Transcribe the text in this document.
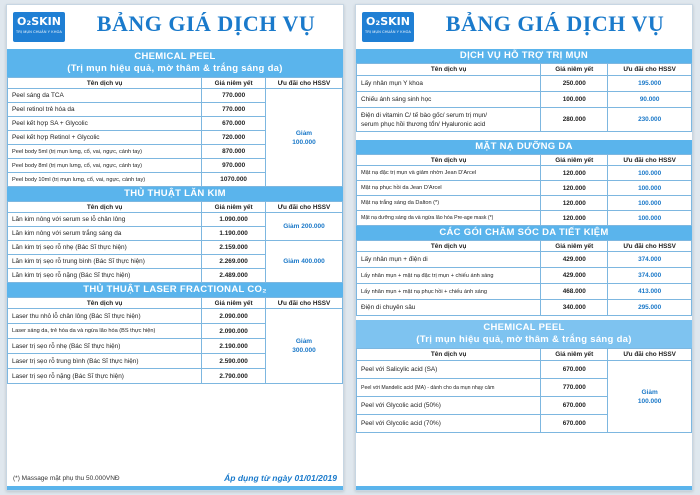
O₂SKIN
TRỊ MỤN CHUẨN Y KHOA	BẢNG GIÁ DỊCH VỤ
CHEMICAL PEEL
(Trị mụn hiệu quả, mờ thâm & trắng sáng da)
Tên dịch vụ	Giá niêm yết	Ưu đãi cho HSSV
Peel sáng da TCA	770.000	Giảm
100.000
Peel retinol trẻ hóa da	770.000	
Peel kết hợp SA + Glycolic	670.000	
Peel kết hợp Retinol + Glycolic	720.000	
Peel body 5ml (trị mụn lưng, cổ, vai, ngực, cánh tay)	870.000	
Peel body 8ml (trị mụn lưng, cổ, vai, ngực, cánh tay)	970.000	
Peel body 10ml (trị mụn lưng, cổ, vai, ngực, cánh tay)	1070.000	
THỦ THUẬT LĂN KIM
Tên dịch vụ	Giá niêm yết	Ưu đãi cho HSSV
Lăn kim nông với serum se lỗ chân lông	1.090.000	Giảm 200.000
Lăn kim nông với serum trắng sáng da	1.190.000	
Lăn kim trị sẹo rỗ nhẹ (Bác Sĩ thực hiện)	2.159.000	Giảm 400.000
Lăn kim trị sẹo rỗ trung bình (Bác Sĩ thực hiện)	2.269.000	
Lăn kim trị sẹo rỗ nặng (Bác Sĩ thực hiện)	2.489.000	
THỦ THUẬT LASER FRACTIONAL CO₂
Tên dịch vụ	Giá niêm yết	Ưu đãi cho HSSV
Laser thu nhỏ lỗ chân lông (Bác Sĩ thực hiện)	2.090.000	Giảm
300.000
Laser sáng da, trẻ hóa da và ngừa lão hóa (BS thực hiện)	2.090.000	
Laser trị sẹo rỗ nhẹ (Bác Sĩ thực hiện)	2.190.000	
Laser trị sẹo rỗ trung bình (Bác Sĩ thực hiện)	2.590.000	
Laser trị sẹo rỗ nặng (Bác Sĩ thực hiện)	2.790.000	
(*) Massage mặt phụ thu 50.000VNĐ	Áp dụng từ ngày 01/01/2019
O₂SKIN
TRỊ MỤN CHUẨN Y KHOA	BẢNG GIÁ DỊCH VỤ
DỊCH VỤ HỖ TRỢ TRỊ MỤN
Tên dịch vụ	Giá niêm yết	Ưu đãi cho HSSV
Lấy nhân mụn Y khoa	250.000	195.000
Chiếu ánh sáng sinh học	100.000	90.000

Điện di vitamin C/ tế bào gốc/ serum trị mụn/
serum phục hồi thương tổn/ Hyaluronic acid	280.000	230.000
MẶT NẠ DƯỠNG DA
Tên dịch vụ	Giá niêm yết	Ưu đãi cho HSSV
Mặt nạ đặc trị mụn và giảm nhờn Jean D'Arcel	120.000	100.000
Mặt nạ phục hồi da Jean D'Arcel	120.000	100.000
Mặt nạ trắng sáng da Dalton (*)	120.000	100.000
Mặt nạ dưỡng sáng da và ngừa lão hóa Pre-age mask (*)	120.000	100.000
CÁC GÓI CHĂM SÓC DA TIẾT KIỆM
Tên dịch vụ	Giá niêm yết	Ưu đãi cho HSSV
Lấy nhân mụn + điện di	429.000	374.000
Lấy nhân mụn + mặt nạ đặc trị mụn + chiếu ánh sáng	429.000	374.000
Lấy nhân mụn + mặt nạ phục hồi + chiếu ánh sáng	468.000	413.000
Điện di chuyên sâu	340.000	295.000
CHEMICAL PEEL
(Trị mụn hiệu quả, mờ thâm & trắng sáng da)
Tên dịch vụ	Giá niêm yết	Ưu đãi cho HSSV
Peel với Salicylic acid (SA)	670.000	Giảm
100.000
Peel với Mandelic acid (MA) - dành cho da mụn nhạy cảm	770.000	
Peel với Glycolic acid (50%)	670.000	
Peel với Glycolic acid (70%)	670.000	
